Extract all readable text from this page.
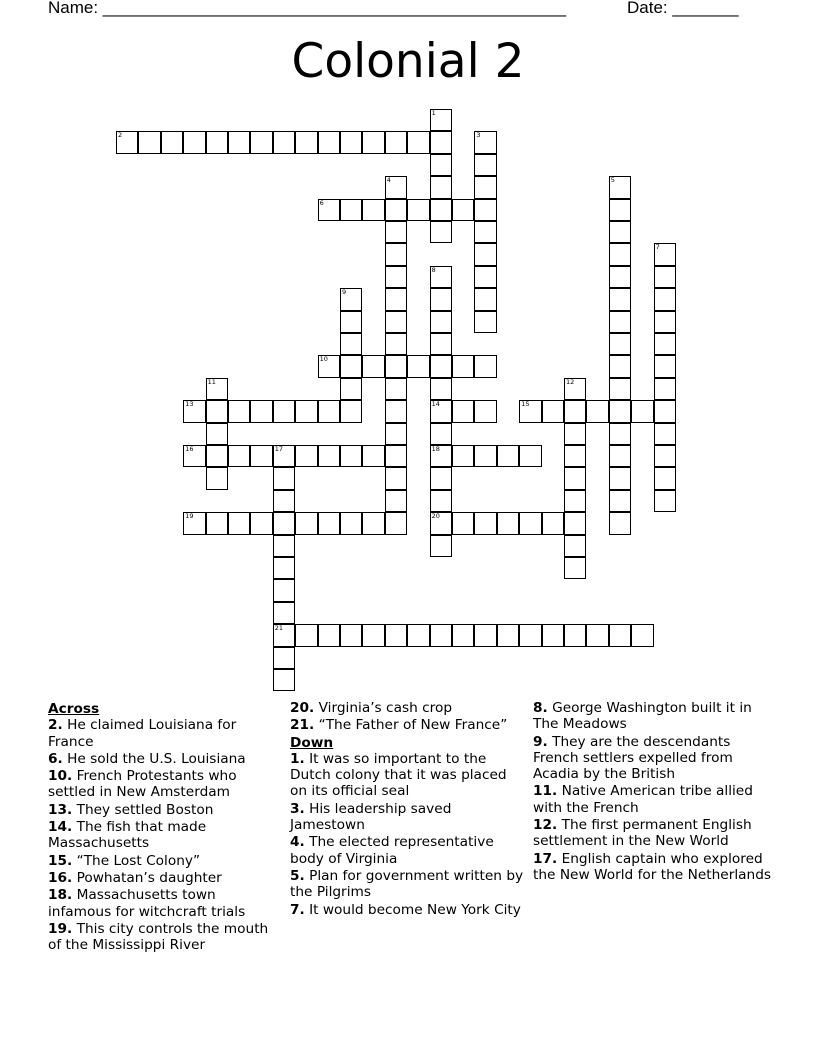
Name: _________________________________________________	Date: _______
Colonial 2
1
2	3
4	5
6
7
8
14
18
20
9
10
11	12
13	15
16	17
21
19
Across
2. He claimed Louisiana for France
6. He sold the U.S. Louisiana
10. French Protestants who settled in New Amsterdam
13. They settled Boston
14. The fish that made Massachusetts
15. “The Lost Colony”
16. Powhatan’s daughter
18. Massachusetts town infamous for witchcraft trials
19. This city controls the mouth of the Mississippi River
20. Virginia’s cash crop
21. “The Father of New France”
Down
1. It was so important to the Dutch colony that it was placed on its official seal
3. His leadership saved Jamestown
4. The elected representative body of Virginia
5. Plan for government written by the Pilgrims
7. It would become New York City
8. George Washington built it in The Meadows
9. They are the descendants French settlers expelled from Acadia by the British
11. Native American tribe allied with the French
12. The first permanent English settlement in the New World
17. English captain who explored the New World for the Netherlands
